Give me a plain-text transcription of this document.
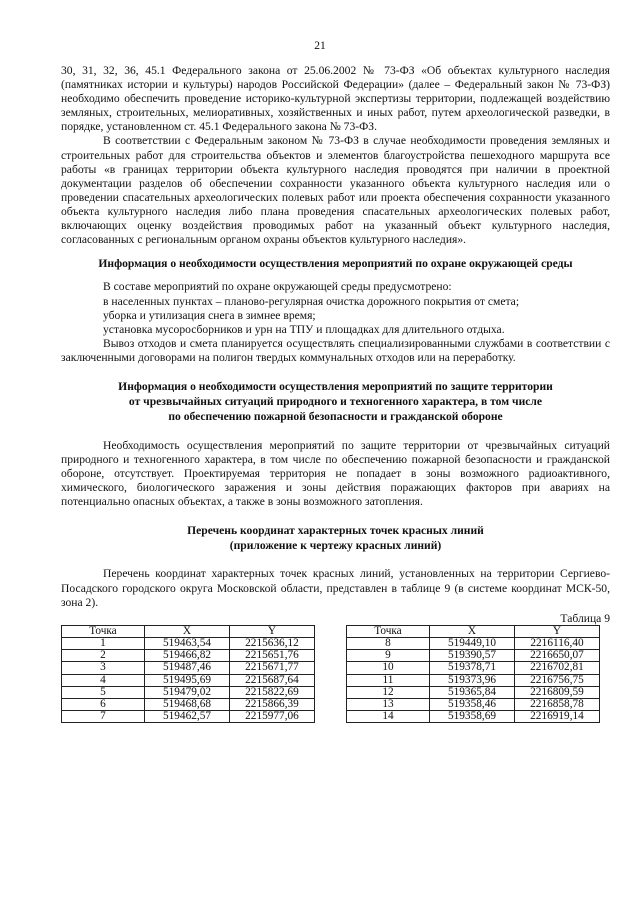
21

30, 31, 32, 36, 45.1 Федерального закона от 25.06.2002 № 73-ФЗ «Об объектах культурного наследия (памятниках истории и культуры) народов Российской Федерации» (далее – Федеральный закон № 73-ФЗ) необходимо обеспечить проведение историко-культурной экспертизы территории, подлежащей воздействию земляных, строительных, мелиоративных, хозяйственных и иных работ, путем археологической разведки, в порядке, установленном ст. 45.1 Федерального закона № 73-ФЗ.

В соответствии с Федеральным законом № 73-ФЗ в случае необходимости проведения земляных и строительных работ для строительства объектов и элементов благоустройства пешеходного маршрута все работы «в границах территории объекта культурного наследия проводятся при наличии в проектной документации разделов об обеспечении сохранности указанного объекта культурного наследия или о проведении спасательных археологических полевых работ или проекта обеспечения сохранности указанного объекта культурного наследия либо плана проведения спасательных археологических полевых работ, включающих оценку воздействия проводимых работ на указанный объект культурного наследия, согласованных с региональным органом охраны объектов культурного наследия».

Информация о необходимости осуществления мероприятий по охране окружающей среды

В составе мероприятий по охране окружающей среды предусмотрено:

в населенных пунктах – планово-регулярная очистка дорожного покрытия от смета;

уборка и утилизация снега в зимнее время;

установка мусоросборников и урн на ТПУ и площадках для длительного отдыха.

Вывоз отходов и смета планируется осуществлять специализированными службами в соответствии с заключенными договорами на полигон твердых коммунальных отходов или на переработку.

Информация о необходимости осуществления мероприятий по защите территории
от чрезвычайных ситуаций природного и техногенного характера, в том числе
по обеспечению пожарной безопасности и гражданской обороне

Необходимость осуществления мероприятий по защите территории от чрезвычайных ситуаций природного и техногенного характера, в том числе по обеспечению пожарной безопасности и гражданской обороне, отсутствует. Проектируемая территория не попадает в зоны возможного радиоактивного, химического, биологического заражения и зоны действия поражающих факторов при авариях на потенциально опасных объектах, а также в зоны возможного затопления.

Перечень координат характерных точек красных линий
(приложение к чертежу красных линий)

Перечень координат характерных точек красных линий, установленных на территории Сергиево-Посадского городского округа Московской области, представлен в таблице 9 (в системе координат МСК-50, зона 2).

Таблица 9

Точка	X	Y
1	519463,54	2215636,12
2	519466,82	2215651,76
3	519487,46	2215671,77
4	519495,69	2215687,64
5	519479,02	2215822,69
6	519468,68	2215866,39
7	519462,57	2215977,06
Точка	X	Y
8	519449,10	2216116,40
9	519390,57	2216650,07
10	519378,71	2216702,81
11	519373,96	2216756,75
12	519365,84	2216809,59
13	519358,46	2216858,78
14	519358,69	2216919,14
